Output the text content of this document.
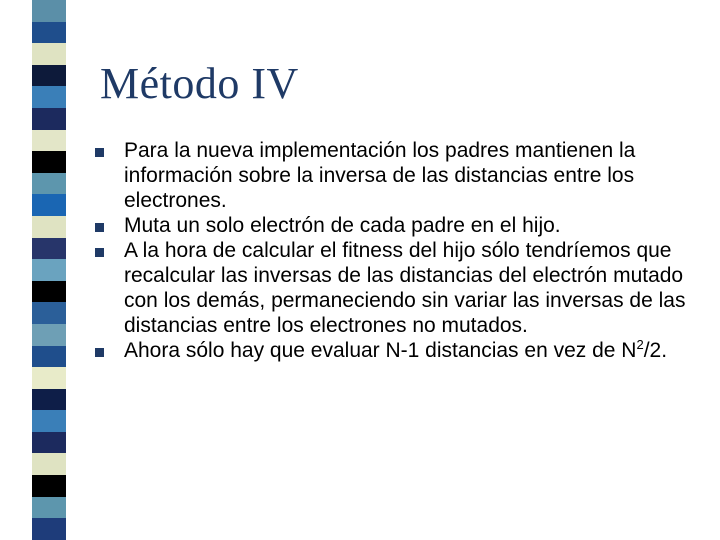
Método IV
Para la nueva implementación los padres mantienen la información sobre la inversa de las distancias entre los electrones.
Muta un solo electrón de cada padre en el hijo.
A la hora de calcular el fitness del hijo sólo tendríemos que recalcular las inversas de las distancias del electrón mutado con los demás, permaneciendo sin variar las inversas de las distancias entre los electrones no mutados.
Ahora sólo hay que evaluar N-1 distancias en vez de $N^2/2$.
